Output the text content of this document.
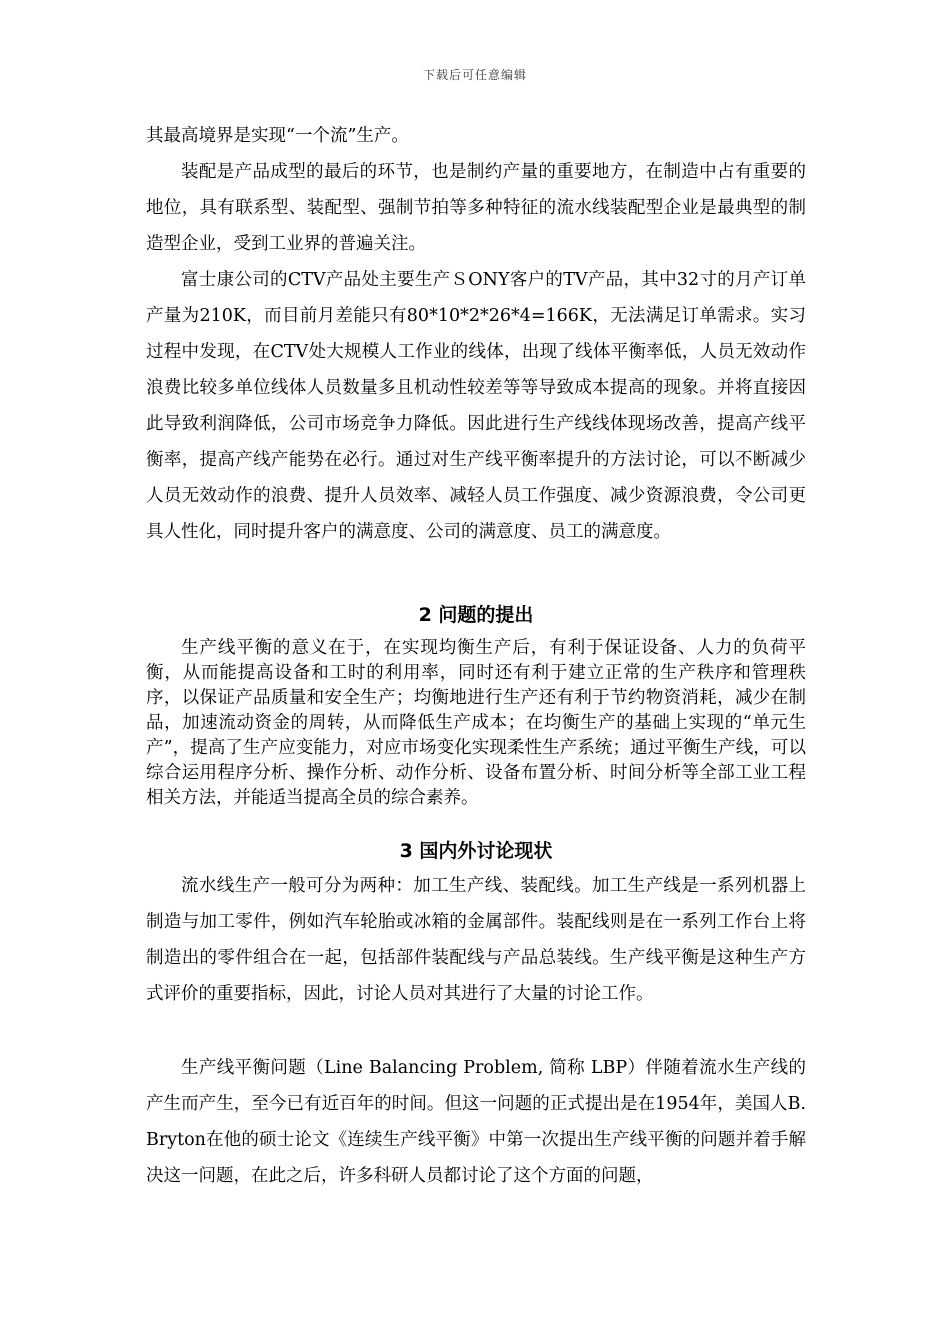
下载后可任意编辑

其最高境界是实现“一个流”生产。

装配是产品成型的最后的环节，也是制约产量的重要地方，在制造中占有重要的地位，具有联系型、装配型、强制节拍等多种特征的流水线装配型企业是最典型的制造型企业，受到工业界的普遍关注。

富士康公司的CTV产品处主要生产ＳONY客户的TV产品，其中32寸的月产订单产量为210K，而目前月差能只有80*10*2*26*4=166K，无法满足订单需求。实习过程中发现，在CTV处大规模人工作业的线体，出现了线体平衡率低，人员无效动作浪费比较多单位线体人员数量多且机动性较差等等导致成本提高的现象。并将直接因此导致利润降低，公司市场竞争力降低。因此进行生产线线体现场改善，提高产线平衡率，提高产线产能势在必行。通过对生产线平衡率提升的方法讨论，可以不断减少人员无效动作的浪费、提升人员效率、减轻人员工作强度、减少资源浪费，令公司更具人性化，同时提升客户的满意度、公司的满意度、员工的满意度。

2 问题的提出

生产线平衡的意义在于，在实现均衡生产后，有利于保证设备、人力的负荷平衡，从而能提高设备和工时的利用率，同时还有利于建立正常的生产秩序和管理秩序，以保证产品质量和安全生产；均衡地进行生产还有利于节约物资消耗，减少在制品，加速流动资金的周转，从而降低生产成本；在均衡生产的基础上实现的“单元生产”，提高了生产应变能力，对应市场变化实现柔性生产系统；通过平衡生产线，可以综合运用程序分析、操作分析、动作分析、设备布置分析、时间分析等全部工业工程相关方法，并能适当提高全员的综合素养。

3 国内外讨论现状

流水线生产一般可分为两种：加工生产线、装配线。加工生产线是一系列机器上制造与加工零件，例如汽车轮胎或冰箱的金属部件。装配线则是在一系列工作台上将制造出的零件组合在一起，包括部件装配线与产品总装线。生产线平衡是这种生产方式评价的重要指标，因此，讨论人员对其进行了大量的讨论工作。

生产线平衡问题（Line Balancing Problem, 简称 LBP）伴随着流水生产线的产生而产生，至今已有近百年的时间。但这一问题的正式提出是在1954年，美国人B.Bryton在他的硕士论文《连续生产线平衡》中第一次提出生产线平衡的问题并着手解决这一问题，在此之后，许多科研人员都讨论了这个方面的问题，
